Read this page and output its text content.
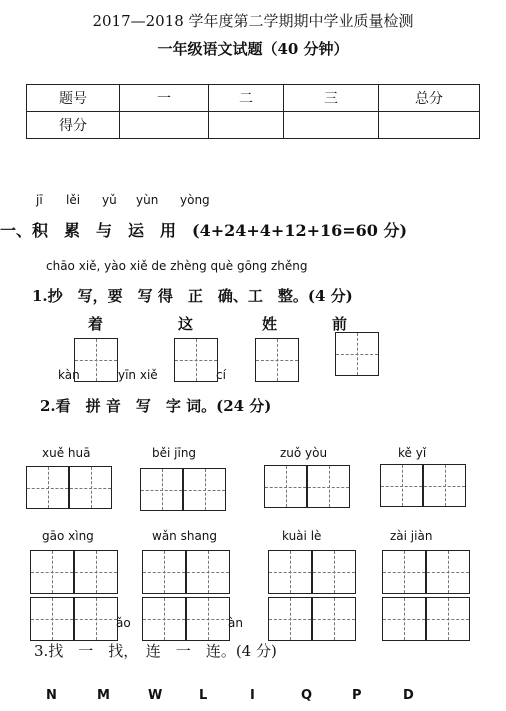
2017—2018 学年度第二学期期中学业质量检测
一年级语文试题（40 分钟）
题号	一	二	三	总分
得分				
jī lěi yǔ yùn yòng
一、积　累　与　运　用　(4+24+4+12+16=60 分)
chāo xiě, yào xiě de zhèng què gōng zhěng
1.抄　写，要　写 得　正　确、工　整。(4 分)
着	这	姓	前
kàn	yīn xiě	cí
2.看　拼 音　写　字 词。(24 分)
xuě huā	běi jīng	zuǒ yòu	kě yǐ
gāo xìng	wǎn shang	kuài lè	zài jiàn
ǎo	àn
3.找　一　找，　连　一　连。(4 分)
N	M	W	L	I	Q	P	D
